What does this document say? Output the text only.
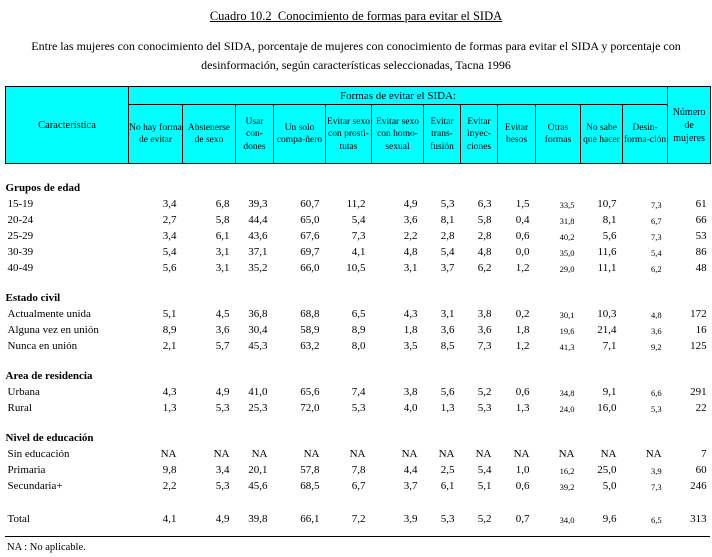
Cuadro 10.2  Conocimiento de formas para evitar el SIDA
Entre las mujeres con conocimiento del SIDA, porcentaje de mujeres con conocimiento de formas para evitar el SIDA y porcentaje con desinformación, según características seleccionadas, Tacna 1996
Característica	Formas de evitar el SIDA:												Número de mujeres
	No hay forma de evitar	Abstenerse de sexo	Usar con-dones	Un solo compa-ñero	Evitar sexo con prosti-tutas	Evitar sexo con homo-sexual	Evitar trans-fusión	Evitar inyec-ciones	Evitar besos	Otras formas	No sabe que hacer	Desin-forma-ción	
Grupos de edad													
15-19	3,4	6,8	39,3	60,7	11,2	4,9	5,3	6,3	1,5	33,5	10,7	7,3	61
20-24	2,7	5,8	44,4	65,0	5,4	3,6	8,1	5,8	0,4	31,8	8,1	6,7	66
25-29	3,4	6,1	43,6	67,6	7,3	2,2	2,8	2,8	0,6	40,2	5,6	7,3	53
30-39	5,4	3,1	37,1	69,7	4,1	4,8	5,4	4,8	0,0	35,0	11,6	5,4	86
40-49	5,6	3,1	35,2	66,0	10,5	3,1	3,7	6,2	1,2	29,0	11,1	6,2	48
Estado civil													
Actualmente unida	5,1	4,5	36,8	68,8	6,5	4,3	3,1	3,8	0,2	30,1	10,3	4,8	172
Alguna vez en unión	8,9	3,6	30,4	58,9	8,9	1,8	3,6	3,6	1,8	19,6	21,4	3,6	16
Nunca en unión	2,1	5,7	45,3	63,2	8,0	3,5	8,5	7,3	1,2	41,3	7,1	9,2	125
Area de residencia													
Urbana	4,3	4,9	41,0	65,6	7,4	3,8	5,6	5,2	0,6	34,8	9,1	6,6	291
Rural	1,3	5,3	25,3	72,0	5,3	4,0	1,3	5,3	1,3	24,0	16,0	5,3	22
Nivel de educación													
Sin educación	NA	NA	NA	NA	NA	NA	NA	NA	NA	NA	NA	NA	7
Primaria	9,8	3,4	20,1	57,8	7,8	4,4	2,5	5,4	1,0	16,2	25,0	3,9	60
Secundaria+	2,2	5,3	45,6	68,5	6,7	3,7	6,1	5,1	0,6	39,2	5,0	7,3	246
Total	4,1	4,9	39,8	66,1	7,2	3,9	5,3	5,2	0,7	34,0	9,6	6,5	313
NA : No aplicable.
